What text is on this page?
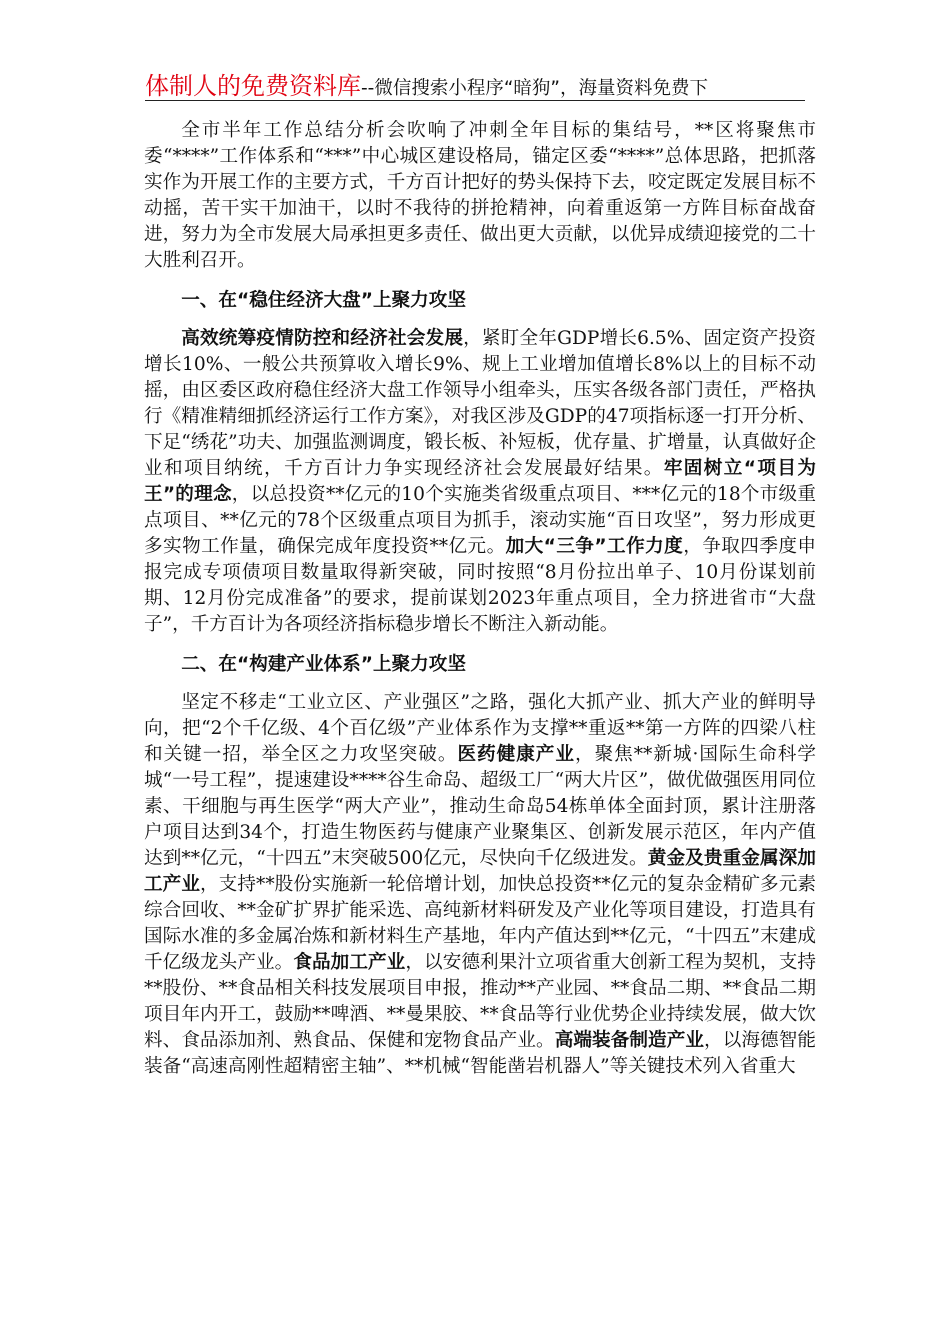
体制人的免费资料库--微信搜索小程序“暗狗”，海量资料免费下

全市半年工作总结分析会吹响了冲刺全年目标的集结号，**区将聚焦市委“****”工作体系和“***”中心城区建设格局，锚定区委“****”总体思路，把抓落实作为开展工作的主要方式，千方百计把好的势头保持下去，咬定既定发展目标不动摇，苦干实干加油干，以时不我待的拼抢精神，向着重返第一方阵目标奋战奋进，努力为全市发展大局承担更多责任、做出更大贡献，以优异成绩迎接党的二十大胜利召开。

一、在“稳住经济大盘”上聚力攻坚

高效统筹疫情防控和经济社会发展，紧盯全年GDP增长6.5%、固定资产投资增长10%、一般公共预算收入增长9%、规上工业增加值增长8%以上的目标不动摇，由区委区政府稳住经济大盘工作领导小组牵头，压实各级各部门责任，严格执行《精准精细抓经济运行工作方案》，对我区涉及GDP的47项指标逐一打开分析、下足“绣花”功夫、加强监测调度，锻长板、补短板，优存量、扩增量，认真做好企业和项目纳统，千方百计力争实现经济社会发展最好结果。牢固树立“项目为王”的理念，以总投资**亿元的10个实施类省级重点项目、***亿元的18个市级重点项目、**亿元的78个区级重点项目为抓手，滚动实施“百日攻坚”，努力形成更多实物工作量，确保完成年度投资**亿元。加大“三争”工作力度，争取四季度申报完成专项债项目数量取得新突破，同时按照“8月份拉出单子、10月份谋划前期、12月份完成准备”的要求，提前谋划2023年重点项目，全力挤进省市“大盘子”，千方百计为各项经济指标稳步增长不断注入新动能。

二、在“构建产业体系”上聚力攻坚

坚定不移走“工业立区、产业强区”之路，强化大抓产业、抓大产业的鲜明导向，把“2个千亿级、4个百亿级”产业体系作为支撑**重返**第一方阵的四梁八柱和关键一招，举全区之力攻坚突破。医药健康产业，聚焦**新城·国际生命科学城“一号工程”，提速建设****谷生命岛、超级工厂“两大片区”，做优做强医用同位素、干细胞与再生医学“两大产业”，推动生命岛54栋单体全面封顶，累计注册落户项目达到34个，打造生物医药与健康产业聚集区、创新发展示范区，年内产值达到**亿元，“十四五”末突破500亿元，尽快向千亿级进发。黄金及贵重金属深加工产业，支持**股份实施新一轮倍增计划，加快总投资**亿元的复杂金精矿多元素综合回收、**金矿扩界扩能采选、高纯新材料研发及产业化等项目建设，打造具有国际水准的多金属冶炼和新材料生产基地，年内产值达到**亿元，“十四五”末建成千亿级龙头产业。食品加工产业，以安德利果汁立项省重大创新工程为契机，支持**股份、**食品相关科技发展项目申报，推动**产业园、**食品二期、**食品二期项目年内开工，鼓励**啤酒、**曼果胶、**食品等行业优势企业持续发展，做大饮料、食品添加剂、熟食品、保健和宠物食品产业。高端装备制造产业，以海德智能装备“高速高刚性超精密主轴”、**机械“智能凿岩机器人”等关键技术列入省重大
